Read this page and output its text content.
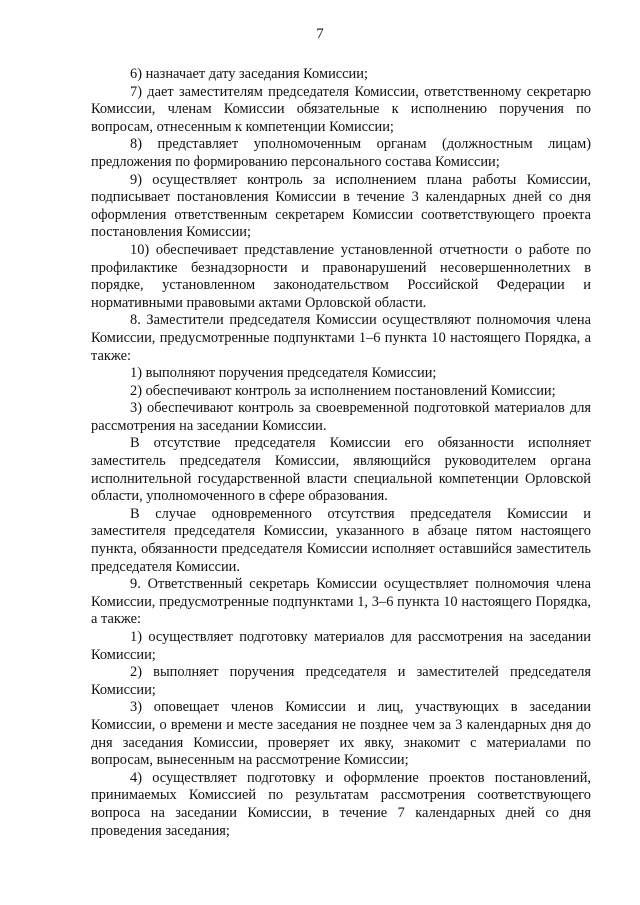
7

6) назначает дату заседания Комиссии;

7) дает заместителям председателя Комиссии, ответственному секретарю Комиссии, членам Комиссии обязательные к исполнению поручения по вопросам, отнесенным к компетенции Комиссии;

8) представляет уполномоченным органам (должностным лицам) предложения по формированию персонального состава Комиссии;

9) осуществляет контроль за исполнением плана работы Комиссии, подписывает постановления Комиссии в течение 3 календарных дней со дня оформления ответственным секретарем Комиссии соответствующего проекта постановления Комиссии;

10) обеспечивает представление установленной отчетности о работе по профилактике безнадзорности и правонарушений несовершеннолетних в порядке, установленном законодательством Российской Федерации и нормативными правовыми актами Орловской области.

8. Заместители председателя Комиссии осуществляют полномочия члена Комиссии, предусмотренные подпунктами 1–6 пункта 10 настоящего Порядка, а также:

1) выполняют поручения председателя Комиссии;

2) обеспечивают контроль за исполнением постановлений Комиссии;

3) обеспечивают контроль за своевременной подготовкой материалов для рассмотрения на заседании Комиссии.

В отсутствие председателя Комиссии его обязанности исполняет заместитель председателя Комиссии, являющийся руководителем органа исполнительной государственной власти специальной компетенции Орловской области, уполномоченного в сфере образования.

В случае одновременного отсутствия председателя Комиссии и заместителя председателя Комиссии, указанного в абзаце пятом настоящего пункта, обязанности председателя Комиссии исполняет оставшийся заместитель председателя Комиссии.

9. Ответственный секретарь Комиссии осуществляет полномочия члена Комиссии, предусмотренные подпунктами 1, 3–6 пункта 10 настоящего Порядка, а также:

1) осуществляет подготовку материалов для рассмотрения на заседании Комиссии;

2) выполняет поручения председателя и заместителей председателя Комиссии;

3) оповещает членов Комиссии и лиц, участвующих в заседании Комиссии, о времени и месте заседания не позднее чем за 3 календарных дня до дня заседания Комиссии, проверяет их явку, знакомит с материалами по вопросам, вынесенным на рассмотрение Комиссии;

4) осуществляет подготовку и оформление проектов постановлений, принимаемых Комиссией по результатам рассмотрения соответствующего вопроса на заседании Комиссии, в течение 7 календарных дней со дня проведения заседания;
